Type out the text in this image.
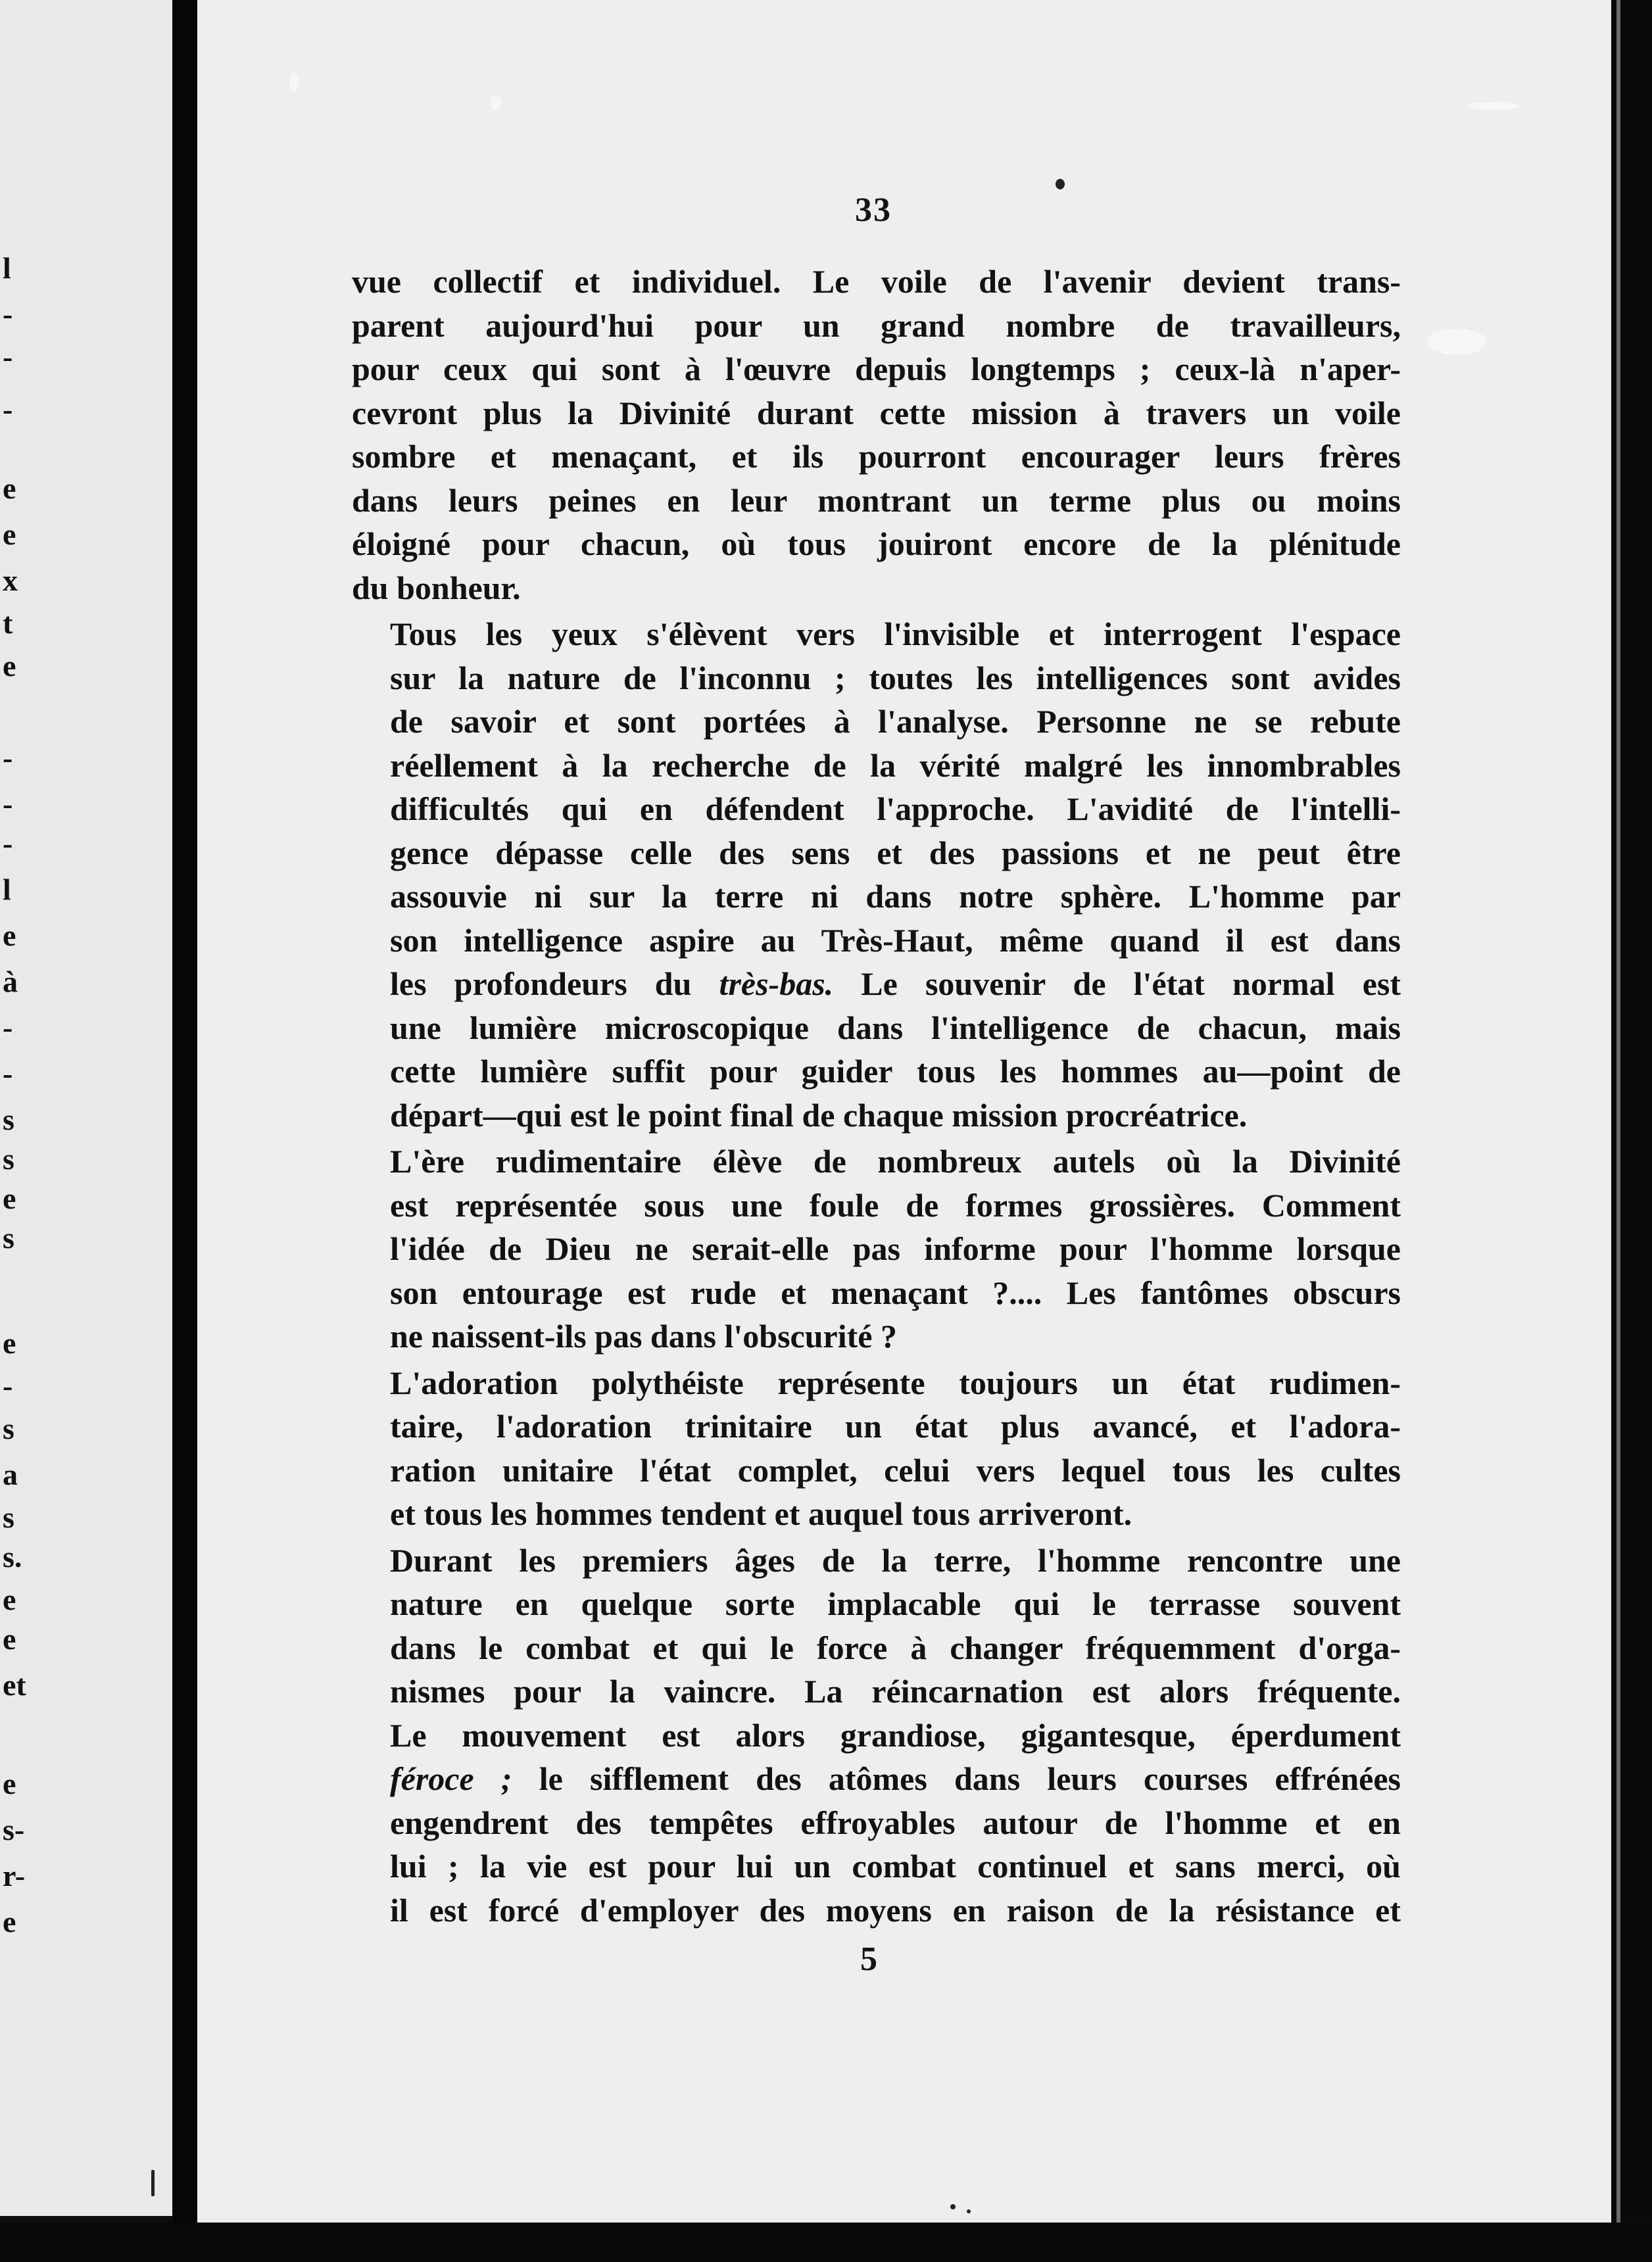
l
-
-
-
e
e
x
t
e
-
-
-
l
e
à
-
-
s
s
e
s
e
-
s
a
s
s.
e
e
et
e
s-
r-
e
33

vue collectif et individuel. Le voile de l'avenir devient trans-
parent aujourd'hui pour un grand nombre de travailleurs,
pour ceux qui sont à l'œuvre depuis longtemps ; ceux-là n'aper-
cevront plus la Divinité durant cette mission à travers un voile
sombre et menaçant, et ils pourront encourager leurs frères
dans leurs peines en leur montrant un terme plus ou moins
éloigné pour chacun, où tous jouiront encore de la plénitude
du bonheur.

Tous les yeux s'élèvent vers l'invisible et interrogent l'espace
sur la nature de l'inconnu ; toutes les intelligences sont avides
de savoir et sont portées à l'analyse. Personne ne se rebute
réellement à la recherche de la vérité malgré les innombrables
difficultés qui en défendent l'approche. L'avidité de l'intelli-
gence dépasse celle des sens et des passions et ne peut être
assouvie ni sur la terre ni dans notre sphère. L'homme par
son intelligence aspire au Très-Haut, même quand il est dans
les profondeurs du très-bas. Le souvenir de l'état normal est
une lumière microscopique dans l'intelligence de chacun, mais
cette lumière suffit pour guider tous les hommes au—point de
départ—qui est le point final de chaque mission procréatrice.

L'ère rudimentaire élève de nombreux autels où la Divinité
est représentée sous une foule de formes grossières. Comment
l'idée de Dieu ne serait-elle pas informe pour l'homme lorsque
son entourage est rude et menaçant ?.... Les fantômes obscurs
ne naissent-ils pas dans l'obscurité ?

L'adoration polythéiste représente toujours un état rudimen-
taire, l'adoration trinitaire un état plus avancé, et l'adora-
ration unitaire l'état complet, celui vers lequel tous les cultes
et tous les hommes tendent et auquel tous arriveront.

Durant les premiers âges de la terre, l'homme rencontre une
nature en quelque sorte implacable qui le terrasse souvent
dans le combat et qui le force à changer fréquemment d'orga-
nismes pour la vaincre. La réincarnation est alors fréquente.
Le mouvement est alors grandiose, gigantesque, éperdument
féroce ; le sifflement des atômes dans leurs courses effrénées
engendrent des tempêtes effroyables autour de l'homme et en
lui ; la vie est pour lui un combat continuel et sans merci, où
il est forcé d'employer des moyens en raison de la résistance et

5
